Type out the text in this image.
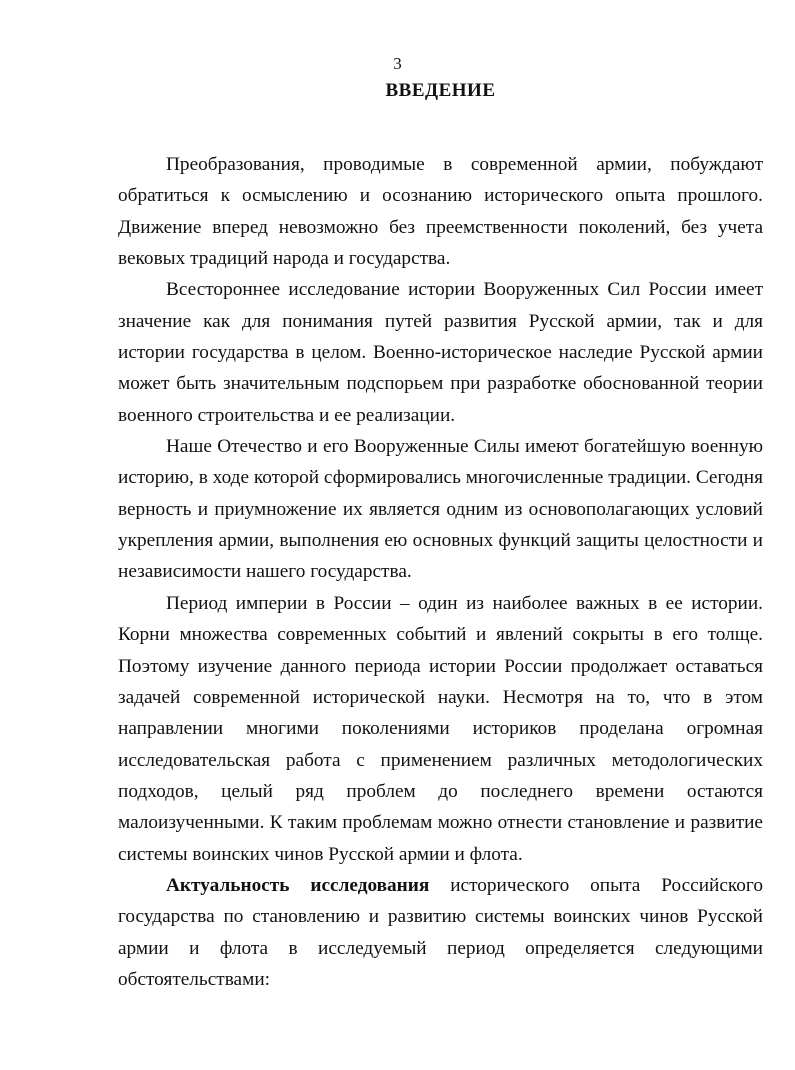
3
ВВЕДЕНИЕ

Преобразования, проводимые в современной армии, побуждают обратиться к осмыслению и осознанию исторического опыта прошлого. Движение вперед невозможно без преемственности поколений, без учета вековых традиций народа и государства.

Всестороннее исследование истории Вооруженных Сил России имеет значение как для понимания путей развития Русской армии, так и для истории государства в целом. Военно-историческое наследие Русской армии может быть значительным подспорьем при разработке обоснованной теории военного строительства и ее реализации.

Наше Отечество и его Вооруженные Силы имеют богатейшую военную историю, в ходе которой сформировались многочисленные традиции. Сегодня верность и приумножение их является одним из основополагающих условий укрепления армии, выполнения ею основных функций защиты целостности и независимости нашего государства.

Период империи в России – один из наиболее важных в ее истории. Корни множества современных событий и явлений сокрыты в его толще. Поэтому изучение данного периода истории России продолжает оставаться задачей современной исторической науки. Несмотря на то, что в этом направлении многими поколениями историков проделана огромная исследовательская работа с применением различных методологических подходов, целый ряд проблем до последнего времени остаются малоизученными. К таким проблемам можно отнести становление и развитие системы воинских чинов Русской армии и флота.

Актуальность исследования исторического опыта Российского государства по становлению и развитию системы воинских чинов Русской армии и флота в исследуемый период определяется следующими обстоятельствами:
